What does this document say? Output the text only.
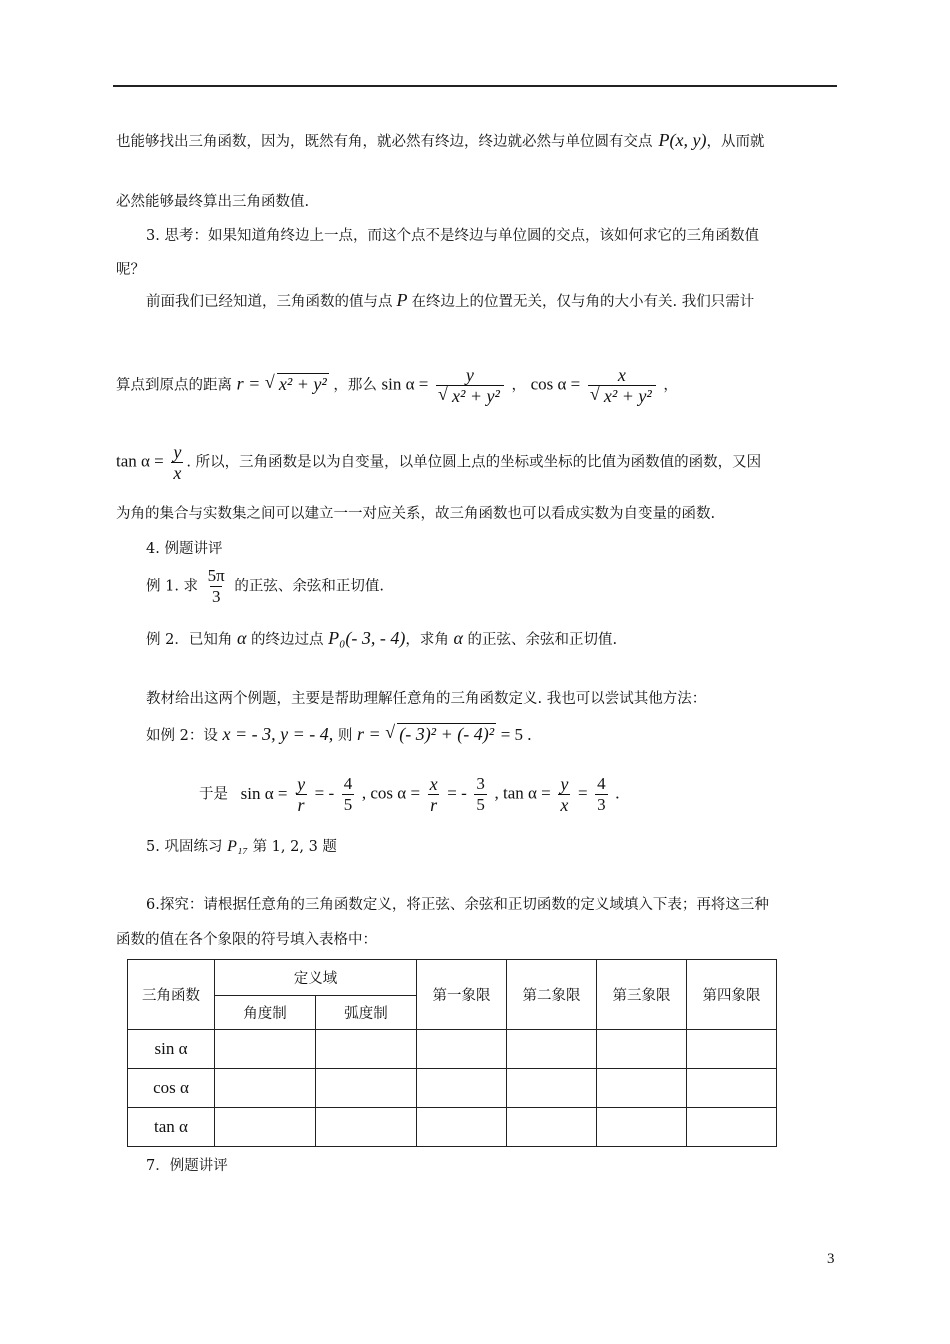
也能够找出三角函数，因为，既然有角，就必然有终边，终边就必然与单位圆有交点 P(x, y)，从而就
必然能够最终算出三角函数值.
3. 思考：如果知道角终边上一点，而这个点不是终边与单位圆的交点，该如何求它的三角函数值
呢？
前面我们已经知道，三角函数的值与点 P 在终边上的位置无关，仅与角的大小有关. 我们只需计
算点到原点的距离 r = √ x² + y² ，那么 sin α = y
√ x² + y² ， cos α = x
√ x² + y² ，
$\tan \alpha = \frac{y}{x}$ . 所以，三角函数是以为自变量，以单位圆上点的坐标或坐标的比值为函数值的函数，又因
为角的集合与实数集之间可以建立一一对应关系，故三角函数也可以看成实数为自变量的函数.
4. 例题讲评
例 1. 求 $\frac{5\pi}{3}$ 的正弦、余弦和正切值.
例 2．已知角 α 的终边过点 P₀(- 3, - 4)，求角 α 的正弦、余弦和正切值.
教材给出这两个例题，主要是帮助理解任意角的三角函数定义. 我也可以尝试其他方法：
如例 2：设 x = - 3, y = - 4, 则 r = √ (- 3)² + (- 4)² = 5 .
于是 $\sin \alpha = \frac{y}{r}$ = - $\frac{4}{5}$ , $\cos \alpha = \frac{x}{r}$ = - $\frac{3}{5}$ , $\tan \alpha = \frac{y}{x} = \frac{4}{3}$ .
5. 巩固练习 P₁₇ 第 1, 2, 3 题
6.探究：请根据任意角的三角函数定义，将正弦、余弦和正切函数的定义域填入下表；再将这三种
函数的值在各个象限的符号填入表格中：
三角函数	定义域		第一象限	第二象限	第三象限	第四象限
	角度制	弧度制				
sin α						
cos α						
tan α						
7．例题讲评
3
